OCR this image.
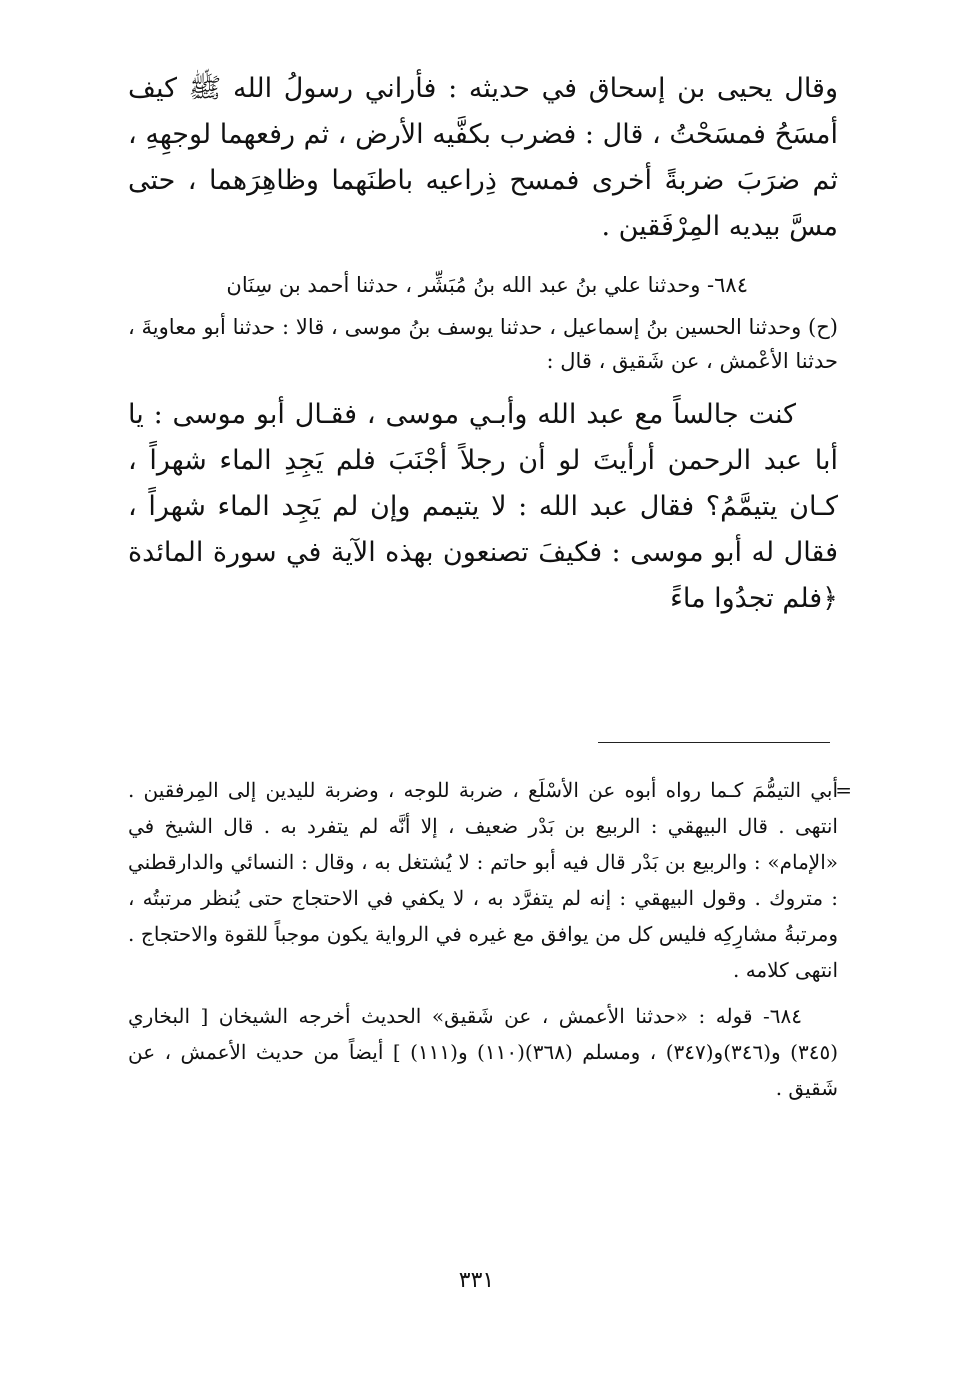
وقال يحيى بن إسحاق في حديثه : فأراني رسولُ الله ﷺ كيف أمسَحُ فمسَحْتُ ، قال : فضرب بكفَّيه الأرض ، ثم رفعهما لوجهِهِ ، ثم ضرَبَ ضربةً أخرى فمسح ذِراعيه باطنَهما وظاهِرَهما ، حتى مسَّ بيديه المِرْفَقين .

٦٨٤- وحدثنا علي بنُ عبد الله بنُ مُبَشِّر ، حدثنا أحمد بن سِنَان

(ح) وحدثنا الحسين بنُ إسماعيل ، حدثنا يوسف بنُ موسى ، قالا : حدثنا أبو معاويةَ ، حدثنا الأعْمش ، عن شَقيق ، قال :

كنت جالساً مع عبد الله وأبـي موسى ، فقـال أبو موسى : يا أبا عبد الرحمن أرأيتَ لو أن رجلاً أجْنَبَ فلم يَجِدِ الماء شهراً ، كـان يتيمَّمُ؟ فقال عبد الله : لا يتيمم وإن لم يَجِد الماء شهراً ، فقال له أبو موسى : فكيفَ تصنعون بهذه الآية في سورة المائدة ﴿فلم تجدُوا ماءً

=
أبي التيمُّمَ كـما رواه أبوه عن الأسْلَع ، ضربة للوجه ، وضربة لليدين إلى المِرفقين . انتهى . قال البيهقي : الربيع بن بَدْر ضعيف ، إلا أنَّه لم يتفرد به . قال الشيخ في «الإمام» : والربيع بن بَدْر قال فيه أبو حاتم : لا يُشتغل به ، وقال : النسائي والدارقطني : متروك . وقول البيهقي : إنه لم يتفرَّد به ، لا يكفي في الاحتجاج حتى يُنظر مرتبتُه ، ومرتبةُ مشارِكِه فليس كل من يوافق مع غيره في الرواية يكون موجباً للقوة والاحتجاج . انتهى كلامه .

٦٨٤- قوله : «حدثنا الأعمش ، عن شَقيق» الحديث أخرجه الشيخان [ البخاري (٣٤٥) و(٣٤٦)و(٣٤٧) ، ومسلم (٣٦٨)(١١٠) و(١١١) ] أيضاً من حديث الأعمش ، عن شَقيق .

٣٣١
